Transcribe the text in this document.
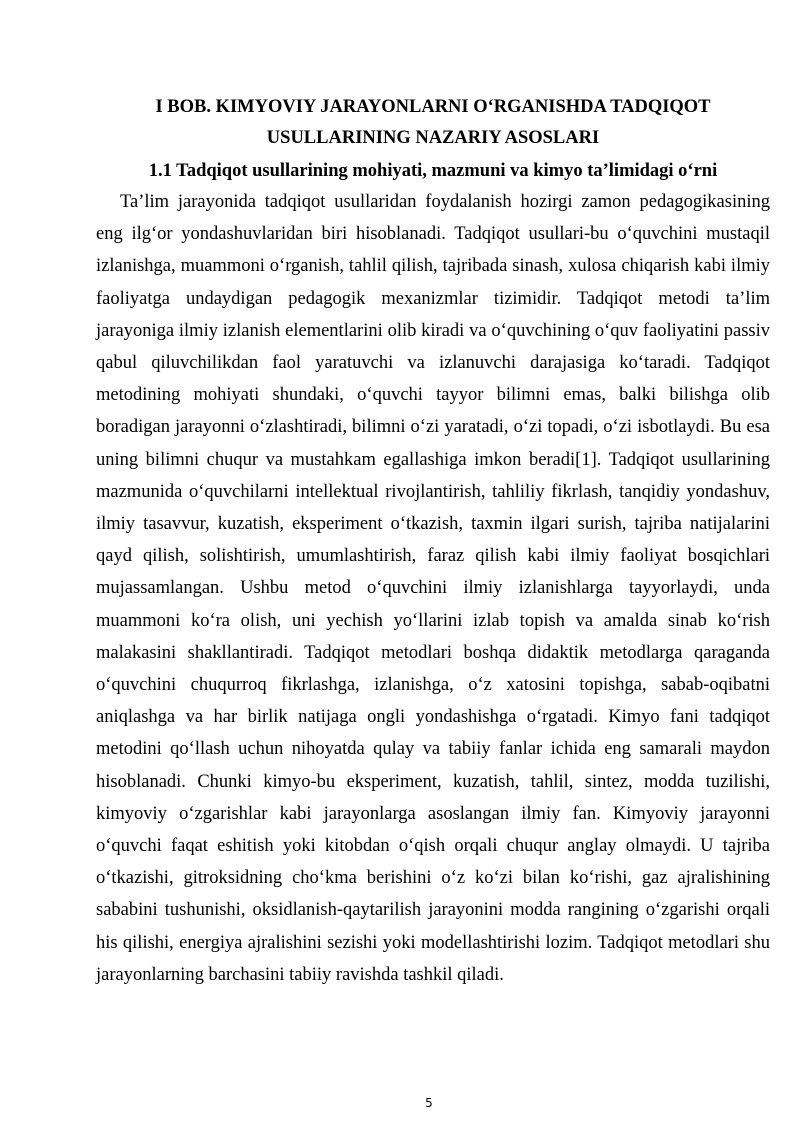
I BOB. KIMYOVIY JARAYONLARNI O‘RGANISHDA TADQIQOT USULLARINING NAZARIY ASOSLARI

1.1 Tadqiqot usullarining mohiyati, mazmuni va kimyo ta’limidagi o‘rni

Ta’lim jarayonida tadqiqot usullaridan foydalanish hozirgi zamon pedagogikasining eng ilg‘or yondashuvlaridan biri hisoblanadi. Tadqiqot usullari-bu o‘quvchini mustaqil izlanishga, muammoni o‘rganish, tahlil qilish, tajribada sinash, xulosa chiqarish kabi ilmiy faoliyatga undaydigan pedagogik mexanizmlar tizimidir. Tadqiqot metodi ta’lim jarayoniga ilmiy izlanish elementlarini olib kiradi va o‘quvchining o‘quv faoliyatini passiv qabul qiluvchilikdan faol yaratuvchi va izlanuvchi darajasiga ko‘taradi. Tadqiqot metodining mohiyati shundaki, o‘quvchi tayyor bilimni emas, balki bilishga olib boradigan jarayonni o‘zlashtiradi, bilimni o‘zi yaratadi, o‘zi topadi, o‘zi isbotlaydi. Bu esa uning bilimni chuqur va mustahkam egallashiga imkon beradi[1]. Tadqiqot usullarining mazmunida o‘quvchilarni intellektual rivojlantirish, tahliliy fikrlash, tanqidiy yondashuv, ilmiy tasavvur, kuzatish, eksperiment o‘tkazish, taxmin ilgari surish, tajriba natijalarini qayd qilish, solishtirish, umumlashtirish, faraz qilish kabi ilmiy faoliyat bosqichlari mujassamlangan. Ushbu metod o‘quvchini ilmiy izlanishlarga tayyorlaydi, unda muammoni ko‘ra olish, uni yechish yo‘llarini izlab topish va amalda sinab ko‘rish malakasini shakllantiradi. Tadqiqot metodlari boshqa didaktik metodlarga qaraganda o‘quvchini chuqurroq fikrlashga, izlanishga, o‘z xatosini topishga, sabab-oqibatni aniqlashga va har birlik natijaga ongli yondashishga o‘rgatadi. Kimyo fani tadqiqot metodini qo‘llash uchun nihoyatda qulay va tabiiy fanlar ichida eng samarali maydon hisoblanadi. Chunki kimyo-bu eksperiment, kuzatish, tahlil, sintez, modda tuzilishi, kimyoviy o‘zgarishlar kabi jarayonlarga asoslangan ilmiy fan. Kimyoviy jarayonni o‘quvchi faqat eshitish yoki kitobdan o‘qish orqali chuqur anglay olmaydi. U tajriba o‘tkazishi, gitroksidning cho‘kma berishini o‘z ko‘zi bilan ko‘rishi, gaz ajralishining sababini tushunishi, oksidlanish-qaytarilish jarayonini modda rangining o‘zgarishi orqali his qilishi, energiya ajralishini sezishi yoki modellashtirishi lozim. Tadqiqot metodlari shu jarayonlarning barchasini tabiiy ravishda tashkil qiladi.

5
